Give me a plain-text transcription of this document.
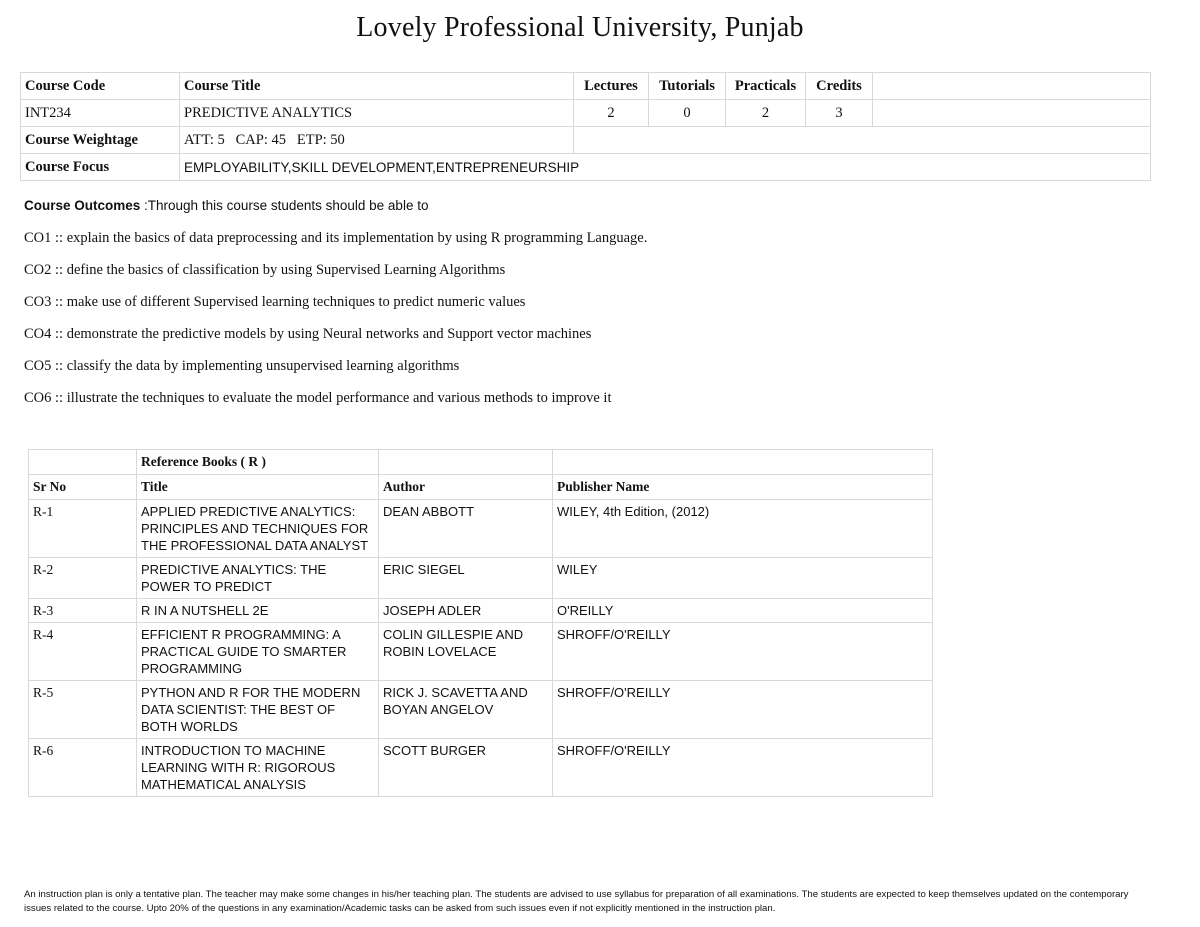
Lovely Professional University, Punjab
Course Code	Course Title	Lectures	Tutorials	Practicals	Credits	
INT234	PREDICTIVE ANALYTICS	2	0	2	3	
Course Weightage	ATT: 5   CAP: 45   ETP: 50					
Course Focus	EMPLOYABILITY,SKILL DEVELOPMENT,ENTREPRENEURSHIP					
Course Outcomes :Through this course students should be able to
CO1 :: explain the basics of data preprocessing and its implementation by using R programming Language.
CO2 :: define the basics of classification by using Supervised Learning Algorithms
CO3 :: make use of different Supervised learning techniques to predict numeric values
CO4 :: demonstrate the predictive models by using Neural networks and Support vector machines
CO5 :: classify the data by implementing unsupervised learning algorithms
CO6 :: illustrate the techniques to evaluate the model performance and various methods to improve it
	Reference Books ( R )		
Sr No	Title	Author	Publisher Name
R-1	APPLIED PREDICTIVE ANALYTICS: PRINCIPLES AND TECHNIQUES FOR THE PROFESSIONAL DATA ANALYST	DEAN ABBOTT	WILEY, 4th Edition, (2012)
R-2	PREDICTIVE ANALYTICS: THE POWER TO PREDICT	ERIC SIEGEL	WILEY
R-3	R IN A NUTSHELL 2E	JOSEPH ADLER	O'REILLY
R-4	EFFICIENT R PROGRAMMING: A PRACTICAL GUIDE TO SMARTER PROGRAMMING	COLIN GILLESPIE AND ROBIN LOVELACE	SHROFF/O'REILLY
R-5	PYTHON AND R FOR THE MODERN DATA SCIENTIST: THE BEST OF BOTH WORLDS	RICK J. SCAVETTA AND BOYAN ANGELOV	SHROFF/O'REILLY
R-6	INTRODUCTION TO MACHINE LEARNING WITH R: RIGOROUS MATHEMATICAL ANALYSIS	SCOTT BURGER	SHROFF/O'REILLY
An instruction plan is only a tentative plan. The teacher may make some changes in his/her teaching plan. The students are advised to use syllabus for preparation of all examinations. The students are expected to keep themselves updated on the contemporary issues related to the course. Upto 20% of the questions in any examination/Academic tasks can be asked from such issues even if not explicitly mentioned in the instruction plan.
